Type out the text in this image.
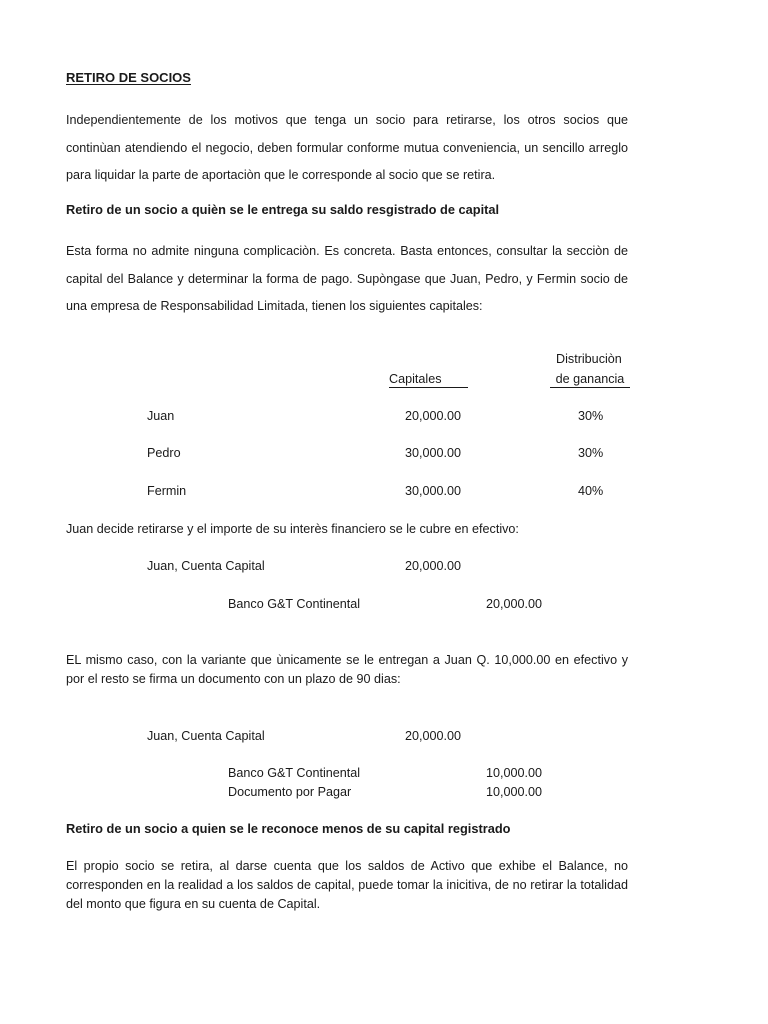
RETIRO DE SOCIOS
Independientemente de los motivos que tenga un socio para retirarse, los otros socios que continùan atendiendo el negocio, deben formular conforme mutua conveniencia, un sencillo arreglo para liquidar la parte de aportaciòn que le corresponde al socio que se retira.
Retiro de un socio a quièn se le entrega su saldo resgistrado de capital
Esta forma no admite ninguna complicaciòn. Es concreta. Basta entonces, consultar la secciòn de capital del Balance y determinar la forma de pago. Supòngase que Juan, Pedro, y Fermin socio de una empresa de Responsabilidad Limitada, tienen los siguientes capitales:
Capitales
Distribuciòn
de ganancia
Juan	20,000.00	30%
Pedro	30,000.00	30%
Fermin	30,000.00	40%
Juan decide retirarse y el importe de su interès financiero se le cubre en efectivo:
Juan, Cuenta Capital	20,000.00
Banco G&T Continental	20,000.00
EL mismo caso, con la variante que ùnicamente se le entregan a Juan Q. 10,000.00 en efectivo y por el resto se firma un documento con un plazo de 90 dias:
Juan, Cuenta Capital	20,000.00
Banco G&T Continental	10,000.00
Documento por Pagar	10,000.00
Retiro de un socio a quien se le reconoce menos de su capital registrado
El propio socio se retira, al darse cuenta que los saldos de Activo que exhibe el Balance, no corresponden en la realidad a los saldos de capital, puede tomar la inicitiva, de no retirar la totalidad del monto que figura en su cuenta de Capital.
